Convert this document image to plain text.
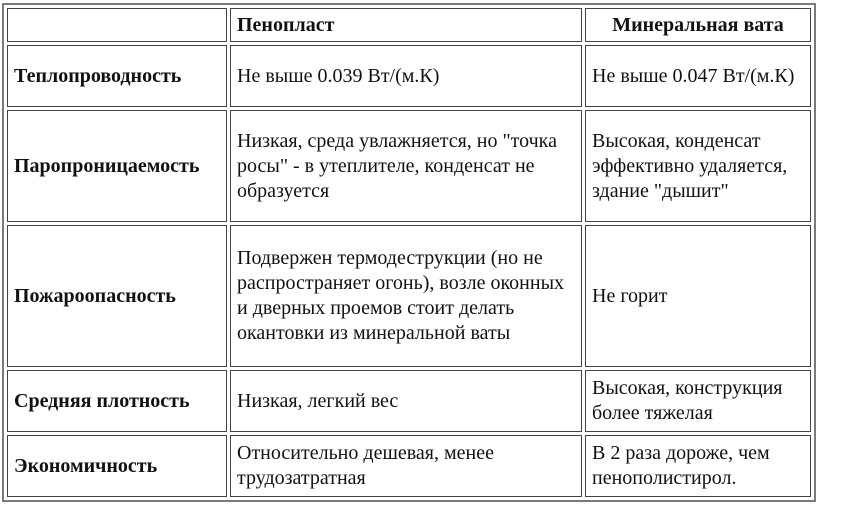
	Пенопласт	Минеральная вата
Теплопроводность	Не выше 0.039 Вт/(м.К)	Не выше 0.047 Вт/(м.К)
Паропроницаемость	Низкая, среда увлажняется, но "точка росы" - в утеплителе, конденсат не образуется	Высокая, конденсат эффективно удаляется, здание "дышит"
Пожароопасность	Подвержен термодеструкции (но не распространяет огонь), возле оконных и дверных проемов стоит делать окантовки из минеральной ваты	Не горит
Средняя плотность	Низкая, легкий вес	Высокая, конструкция более тяжелая
Экономичность	Относительно дешевая, менее трудозатратная	В 2 раза дороже, чем пенополистирол.
